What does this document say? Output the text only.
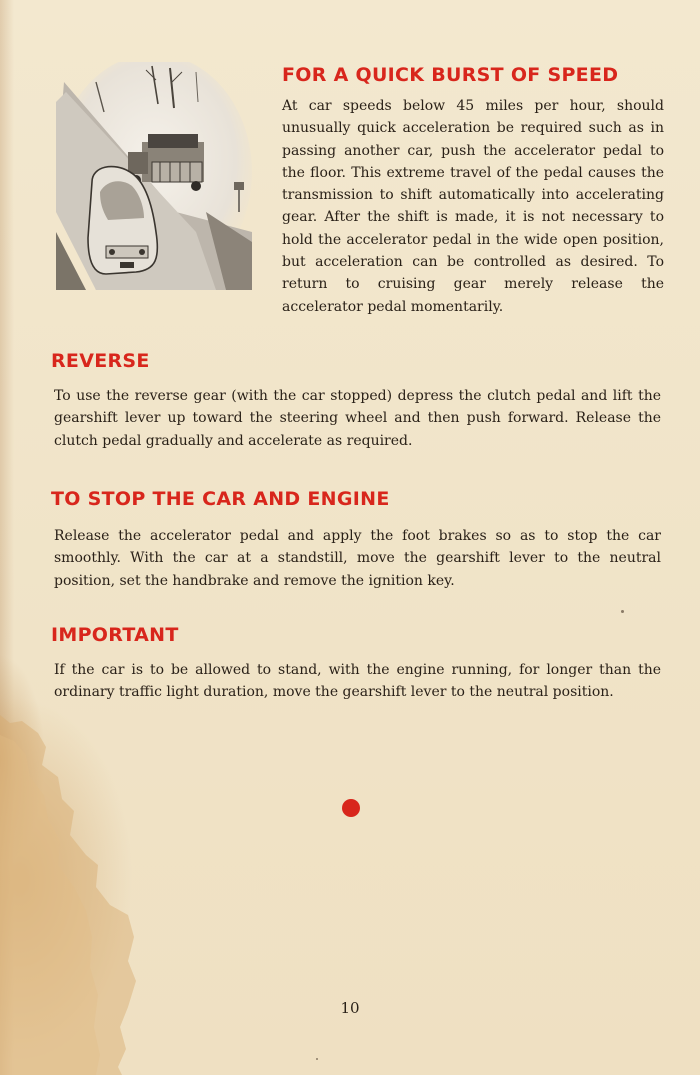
FOR A QUICK BURST OF SPEED

At car speeds below 45 miles per hour, should unusually quick acceleration be required such as in passing another car, push the accelerator pedal to the floor. This extreme travel of the pedal causes the transmission to shift automatically into accelerating gear. After the shift is made, it is not necessary to hold the accelerator pedal in the wide open position, but acceleration can be controlled as desired. To return to cruising gear merely release the accelerator pedal momentarily.

REVERSE

To use the reverse gear (with the car stopped) depress the clutch pedal and lift the gearshift lever up toward the steering wheel and then push forward. Release the clutch pedal gradually and accelerate as required.

TO STOP THE CAR AND ENGINE

Release the accelerator pedal and apply the foot brakes so as to stop the car smoothly. With the car at a standstill, move the gearshift lever to the neutral position, set the handbrake and remove the ignition key.

IMPORTANT

If the car is to be allowed to stand, with the engine running, for longer than the ordinary traffic light duration, move the gearshift lever to the neutral position.

10
